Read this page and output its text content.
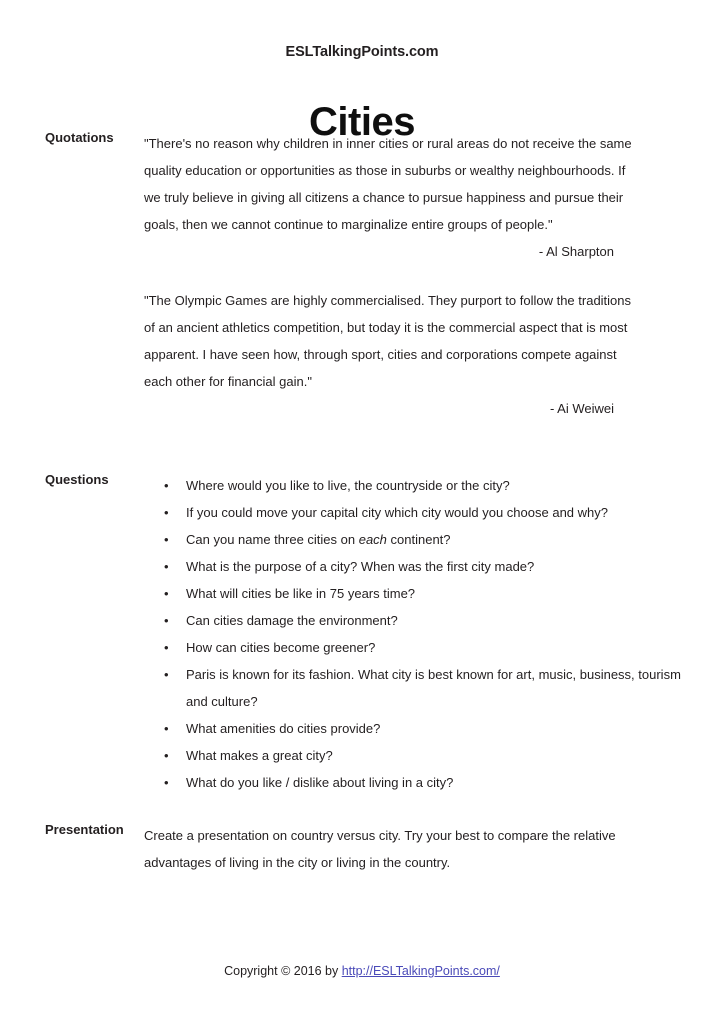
ESLTalkingPoints.com
Cities
Quotations	"There's no reason why children in inner cities or rural areas do not receive the same quality education or opportunities as those in suburbs or wealthy neighbourhoods. If we truly believe in giving all citizens a chance to pursue happiness and pursue their goals, then we cannot continue to marginalize entire groups of people."
- Al Sharpton
"The Olympic Games are highly commercialised. They purport to follow the traditions of an ancient athletics competition, but today it is the commercial aspect that is most apparent. I have seen how, through sport, cities and corporations compete against each other for financial gain."
- Ai Weiwei
Questions	• Where would you like to live, the countryside or the city?
• If you could move your capital city which city would you choose and why?
• Can you name three cities on each continent?
• What is the purpose of a city? When was the first city made?
• What will cities be like in 75 years time?
• Can cities damage the environment?
• How can cities become greener?
• Paris is known for its fashion. What city is best known for art, music, business, tourism and culture?
• What amenities do cities provide?
• What makes a great city?
• What do you like / dislike about living in a city?
Presentation	Create a presentation on country versus city. Try your best to compare the relative advantages of living in the city or living in the country.
Copyright © 2016 by http://ESLTalkingPoints.com/
